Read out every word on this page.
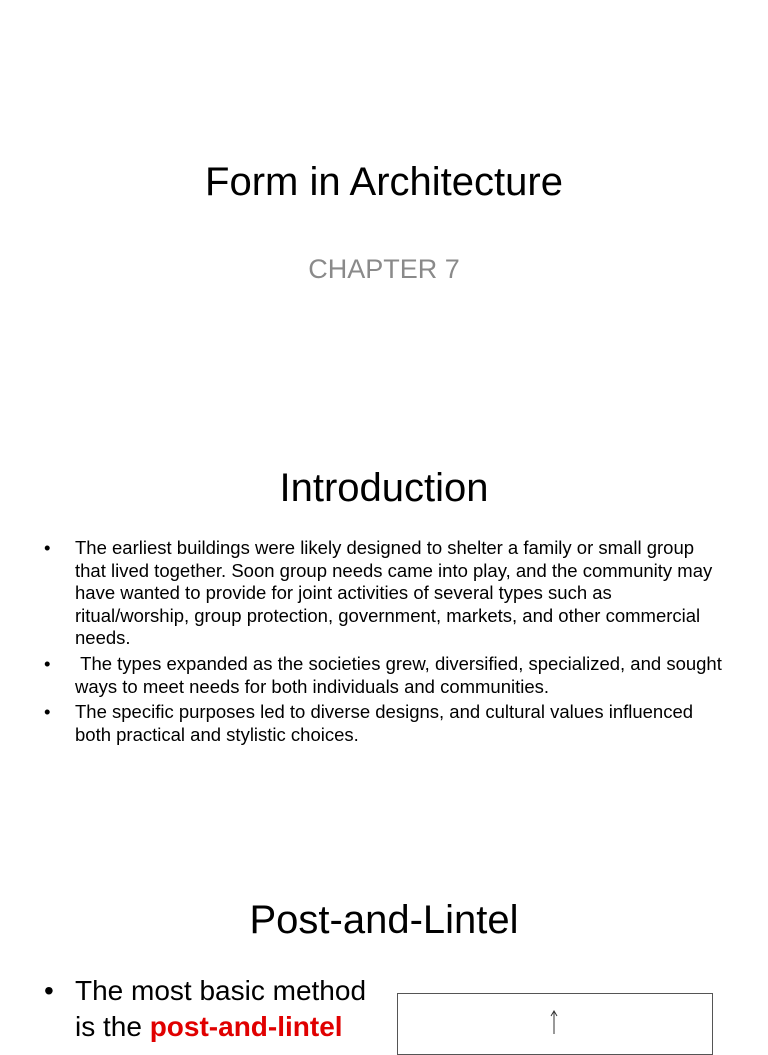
Form in Architecture
CHAPTER 7
Introduction
• The earliest buildings were likely designed to shelter a family or small group that lived together. Soon group needs came into play, and the community may have wanted to provide for joint activities of several types such as ritual/worship, group protection, government, markets, and other commercial needs.
• The types expanded as the societies grew, diversified, specialized, and sought ways to meet needs for both individuals and communities.
• The specific purposes led to diverse designs, and cultural values influenced both practical and stylistic choices.
Post-and-Lintel
• The most basic method is the post-and-lintel
